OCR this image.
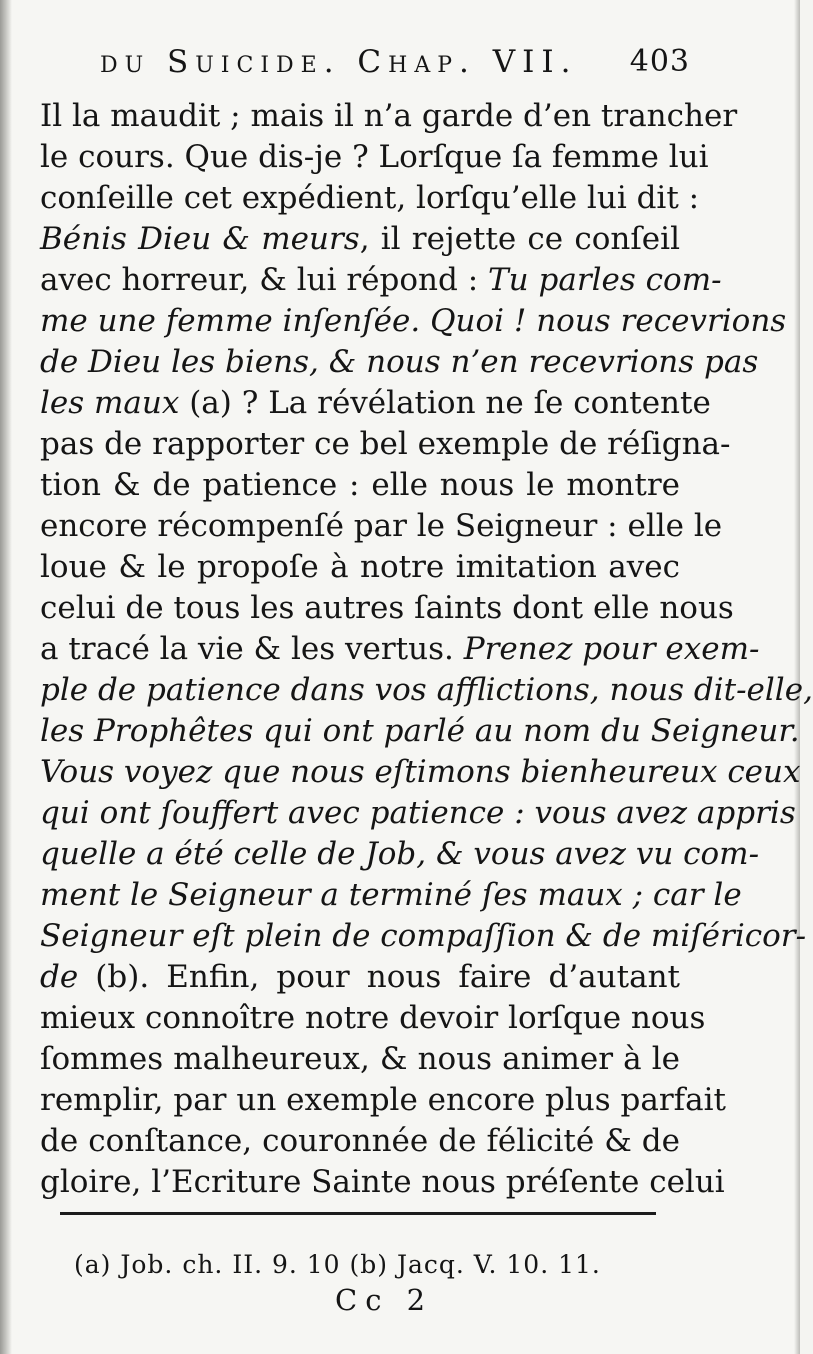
du Suicide. Chap. VII. 403
Il la maudit ; mais il n’a garde d’en trancher
le cours. Que dis-je ? Lorſque ſa femme lui
conſeille cet expédient, lorſqu’elle lui dit :
Bénis Dieu & meurs, il rejette ce conſeil
avec horreur, & lui répond : Tu parles com-
me une femme inſenſée. Quoi ! nous recevrions
de Dieu les biens, & nous n’en recevrions pas
les maux (a) ? La révélation ne ſe contente
pas de rapporter ce bel exemple de réſigna-
tion & de patience : elle nous le montre
encore récompenſé par le Seigneur : elle le
loue & le propoſe à notre imitation avec
celui de tous les autres ſaints dont elle nous
a tracé la vie & les vertus. Prenez pour exem-
ple de patience dans vos afflictions, nous dit-elle,
les Prophêtes qui ont parlé au nom du Seigneur.
Vous voyez que nous eſtimons bienheureux ceux
qui ont ſouffert avec patience : vous avez appris
quelle a été celle de Job, & vous avez vu com-
ment le Seigneur a terminé ſes maux ; car le
Seigneur eſt plein de compaſſion & de miſéricor-
de (b). Enfin, pour nous faire d’autant
mieux connoître notre devoir lorſque nous
ſommes malheureux, & nous animer à le
remplir, par un exemple encore plus parfait
de conſtance, couronnée de félicité & de
gloire, l’Ecriture Sainte nous préſente celui
(a) Job. ch. II. 9. 10 (b) Jacq. V. 10. 11.
Cc 2
